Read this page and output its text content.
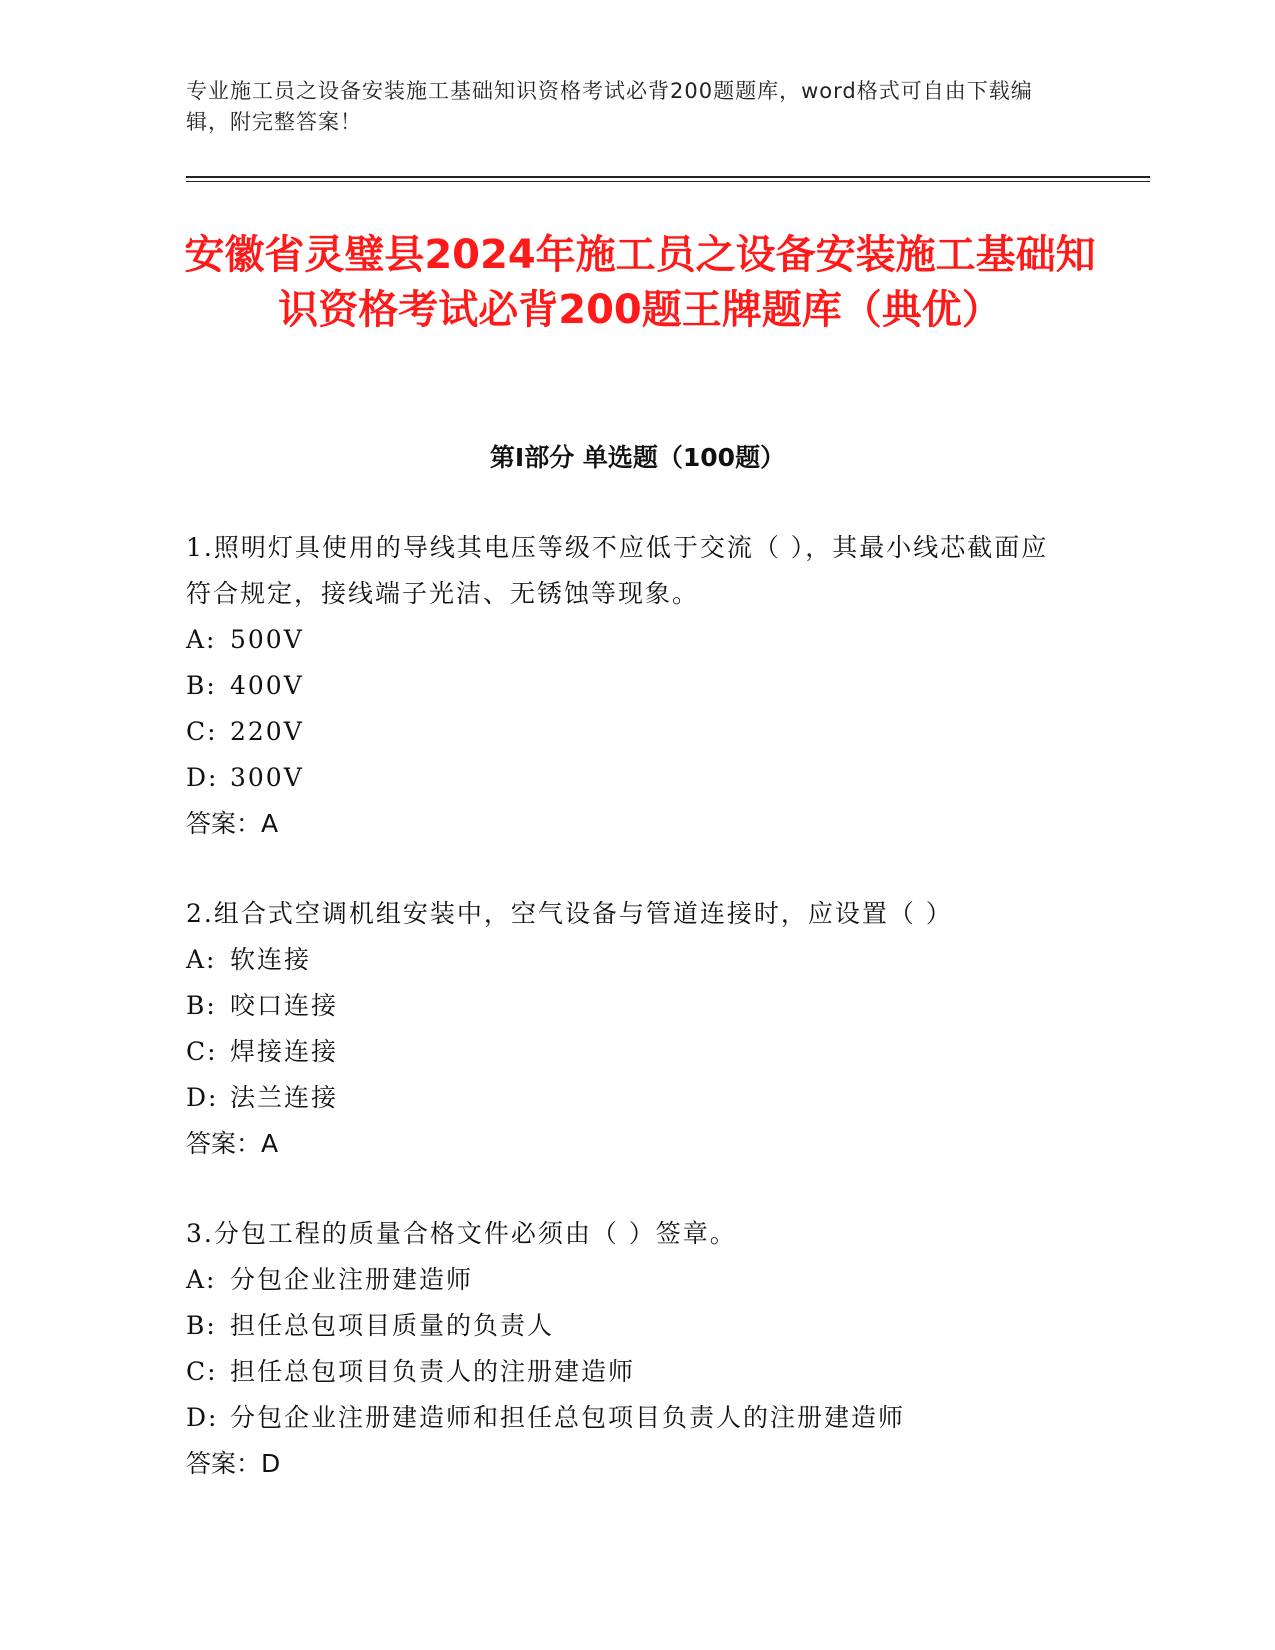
专业施工员之设备安装施工基础知识资格考试必背200题题库，word格式可自由下载编辑，附完整答案！
安徽省灵璧县2024年施工员之设备安装施工基础知识资格考试必背200题王牌题库（典优）
第Ⅰ部分 单选题（100题）
1.照明灯具使用的导线其电压等级不应低于交流（ ），其最小线芯截面应符合规定，接线端子光洁、无锈蚀等现象。
A: 500V
B: 400V
C: 220V
D: 300V
答案：A
2.组合式空调机组安装中，空气设备与管道连接时，应设置（ ）
A: 软连接
B: 咬口连接
C: 焊接连接
D: 法兰连接
答案：A
3.分包工程的质量合格文件必须由（ ）签章。
A: 分包企业注册建造师
B: 担任总包项目质量的负责人
C: 担任总包项目负责人的注册建造师
D: 分包企业注册建造师和担任总包项目负责人的注册建造师
答案：D
